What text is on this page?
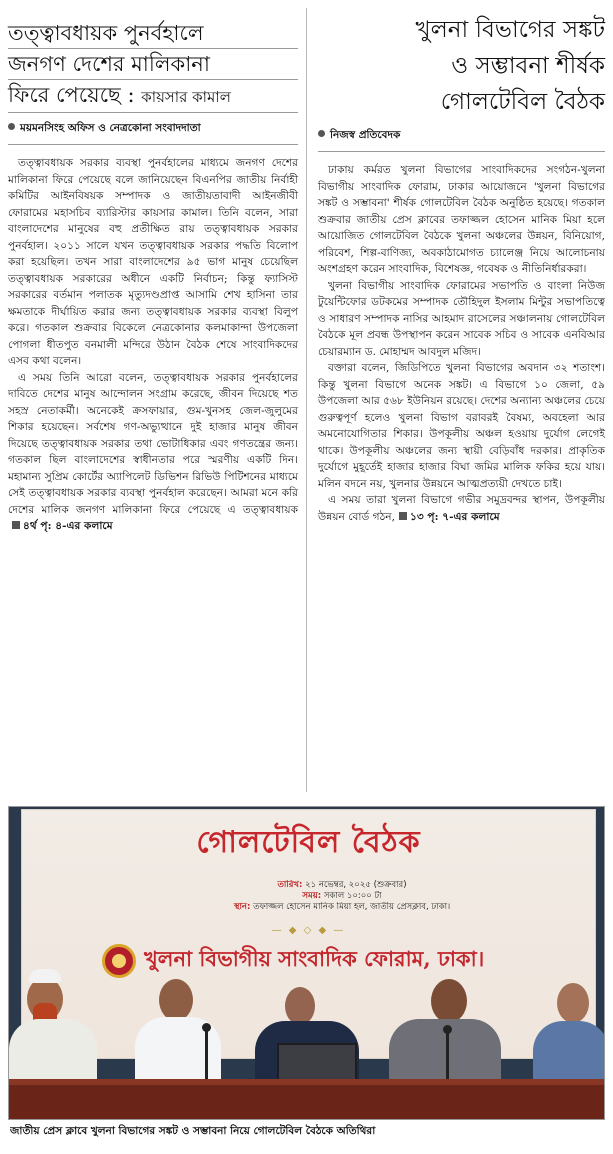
তত্ত্বাবধায়ক পুনর্বহালে
জনগণ দেশের মালিকানা
ফিরে পেয়েছে : কায়সার কামাল
ময়মনসিংহ অফিস ও নেত্রকোনা সংবাদদাতা

তত্ত্বাবধায়ক সরকার ব্যবস্থা পুনর্বহালের মাধ্যমে জনগণ দেশের মালিকানা ফিরে পেয়েছে বলে জানিয়েছেন বিএনপির জাতীয় নির্বাহী কমিটির আইনবিষয়ক সম্পাদক ও জাতীয়তাবাদী আইনজীবী ফোরামের মহাসচিব ব্যারিস্টার কায়সার কামাল। তিনি বলেন, সারা বাংলাদেশের মানুষের বহু প্রতীক্ষিত রায় তত্ত্বাবধায়ক সরকার পুনর্বহাল। ২০১১ সালে যখন তত্ত্বাবধায়ক সরকার পদ্ধতি বিলোপ করা হয়েছিল। তখন সারা বাংলাদেশের ৯৫ ভাগ মানুষ চেয়েছিল তত্ত্বাবধায়ক সরকারের অধীনে একটি নির্বাচন; কিন্তু ফ্যাসিস্ট সরকারের বর্তমান পলাতক মৃত্যুদণ্ডপ্রাপ্ত আসামি শেখ হাসিনা তার ক্ষমতাকে দীর্ঘায়িত করার জন্য তত্ত্বাবধায়ক সরকার ব্যবস্থা বিলুপ করে। গতকাল শুক্রবার বিকেলে নেত্রকোনার কলমাকান্দা উপজেলা পোগলা ধীতপুত বনমালী মন্দিরে উঠান বৈঠক শেষে সাংবাদিকদের এসব কথা বলেন।

এ সময় তিনি আরো বলেন, তত্ত্বাবধায়ক সরকার পুনর্বহালের দাবিতে দেশের মানুষ আন্দোলন সংগ্রাম করেছে, জীবন দিয়েছে শত সহস্র নেতাকর্মী। অনেকেই ক্রসফায়ার, গুম-খুনসহ জেল-জুলুমের শিকার হয়েছেন। সর্বশেষ গণ-অভ্যুত্থানে দুই হাজার মানুষ জীবন দিয়েছে তত্ত্বাবধায়ক সরকার তথা ভোটাধিকার এবং গণতন্ত্রের জন্য। গতকাল ছিল বাংলাদেশের স্বাধীনতার পরে স্মরণীয় একটি দিন। মহামান্য সুপ্রিম কোর্টের অ্যাপিলেট ডিভিশন রিভিউ পিটিশনের মাধ্যমে সেই তত্ত্বাবধায়ক সরকার ব্যবস্থা পুনর্বহাল করেছেন। আমরা মনে করি দেশের মালিক জনগণ মালিকানা ফিরে পেয়েছে এ তত্ত্বাবধায়ক৪র্থ পৃ: ৪-এর কলামে

খুলনা বিভাগের সঙ্কট
ও সম্ভাবনা শীর্ষক
গোলটেবিল বৈঠক
নিজস্ব প্রতিবেদক

ঢাকায় কর্মরত খুলনা বিভাগের সাংবাদিকদের সংগঠন-খুলনা বিভাগীয় সাংবাদিক ফোরাম, ঢাকার আয়োজনে 'খুলনা বিভাগের সঙ্কট ও সম্ভাবনা' শীর্ষক গোলটেবিল বৈঠক অনুষ্ঠিত হয়েছে। গতকাল শুক্রবার জাতীয় প্রেস ক্লাবের তফাজ্জল হোসেন মানিক মিয়া হলে আয়োজিত গোলটেবিল বৈঠকে খুলনা অঞ্চলের উন্নয়ন, বিনিয়োগ, পরিবেশ, শিল্প-বাণিজ্য, অবকাঠামোগত চ্যালেঞ্জ নিয়ে আলোচনায় অংশগ্রহণ করেন সাংবাদিক, বিশেষজ্ঞ, গবেষক ও নীতিনির্ধারকরা।

খুলনা বিভাগীয় সাংবাদিক ফোরামের সভাপতি ও বাংলা নিউজ টুয়েন্টিফোর ডটকমের সম্পাদক তৌহিদুল ইসলাম মিন্টুর সভাপতিত্বে ও সাধারণ সম্পাদক নাসির আহমাদ রাসেলের সঞ্চালনায় গোলটেবিল বৈঠকে মূল প্রবন্ধ উপস্থাপন করেন সাবেক সচিব ও সাবেক এনবিআর চেয়ারম্যান ড. মোহাম্মদ আবদুল মজিদ।

বক্তারা বলেন, জিডিপিতে খুলনা বিভাগের অবদান ৩২ শতাংশ। কিন্তু খুলনা বিভাগে অনেক সঙ্কট। এ বিভাগে ১০ জেলা, ৫৯ উপজেলা আর ৫৬৮ ইউনিয়ন রয়েছে। দেশের অন্যান্য অঞ্চলের চেয়ে গুরুত্বপূর্ণ হলেও খুলনা বিভাগ বরাবরই বৈষম্য, অবহেলা আর অমনোযোগিতার শিকার। উপকূলীয় অঞ্চল হওয়ায় দুর্যোগ লেগেই থাকে। উপকূলীয় অঞ্চলের জন্য স্থায়ী বেড়িবাঁধ দরকার। প্রাকৃতিক দুর্যোগে মুহূর্তেই হাজার হাজার বিঘা জমির মালিক ফকির হয়ে যায়। মলিন বদনে নয়, খুলনার উন্নয়নে আত্মপ্রত্যয়ী দেখতে চাই।

এ সময় তারা খুলনা বিভাগে গভীর সমুদ্রবন্দর স্থাপন, উপকূলীয় উন্নয়ন বোর্ড গঠন, ১৩ পৃ: ৭-এর কলামে

গোলটেবিল বৈঠক
তারিখ: ২১ নভেম্বর, ২০২৫ (শুক্রবার)
সময়: সকাল ১০:০০ টা
স্থান: তফাজ্জল হোসেন মানিক মিয়া হল, জাতীয় প্রেসক্লাব, ঢাকা।
— ◆ ◇ ◆ —
খুলনা বিভাগীয় সাংবাদিক ফোরাম, ঢাকা।
জাতীয় প্রেস ক্লাবে খুলনা বিভাগের সঙ্কট ও সম্ভাবনা নিয়ে গোলটেবিল বৈঠকে অতিথিরা
